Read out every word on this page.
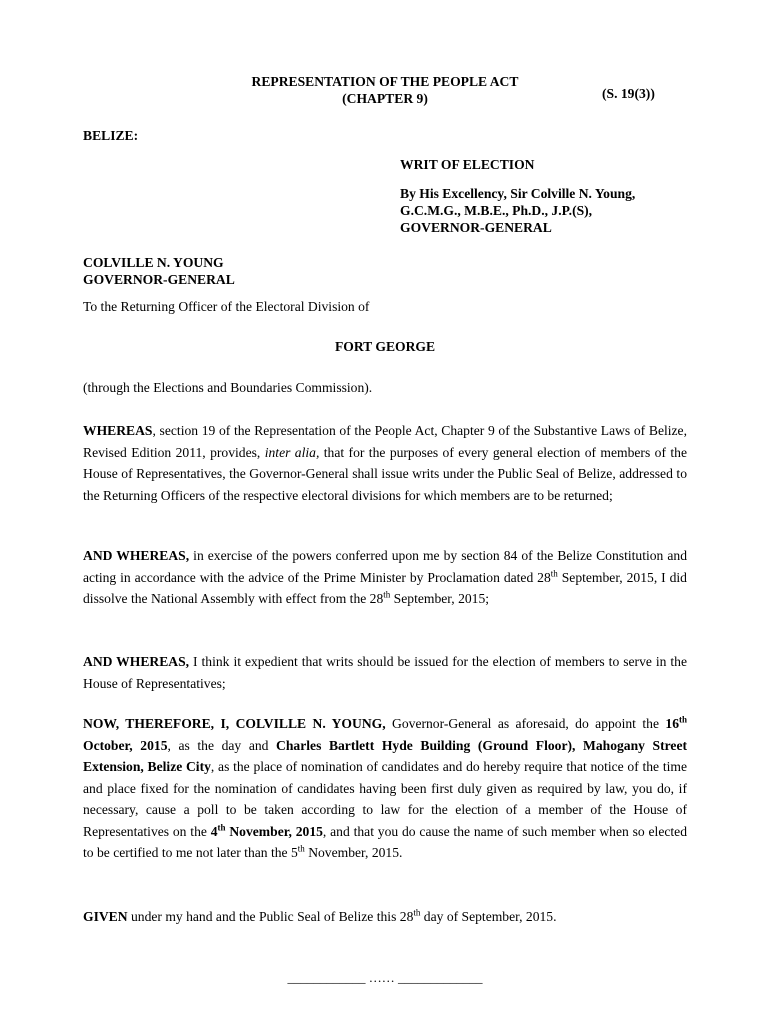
REPRESENTATION OF THE PEOPLE ACT
(CHAPTER 9)	(S. 19(3))
BELIZE:
WRIT OF ELECTION
By His Excellency, Sir Colville N. Young,
G.C.M.G., M.B.E., Ph.D., J.P.(S),
GOVERNOR-GENERAL
COLVILLE N. YOUNG
GOVERNOR-GENERAL
To the Returning Officer of the Electoral Division of
FORT GEORGE
(through the Elections and Boundaries Commission).
WHEREAS, section 19 of the Representation of the People Act, Chapter 9 of the Substantive Laws of Belize, Revised Edition 2011, provides, inter alia, that for the purposes of every general election of members of the House of Representatives, the Governor-General shall issue writs under the Public Seal of Belize, addressed to the Returning Officers of the respective electoral divisions for which members are to be returned;
AND WHEREAS, in exercise of the powers conferred upon me by section 84 of the Belize Constitution and acting in accordance with the advice of the Prime Minister by Proclamation dated 28th September, 2015, I did dissolve the National Assembly with effect from the 28th September, 2015;
AND WHEREAS, I think it expedient that writs should be issued for the election of members to serve in the House of Representatives;
NOW, THEREFORE, I, COLVILLE N. YOUNG, Governor-General as aforesaid, do appoint the 16th October, 2015, as the day and Charles Bartlett Hyde Building (Ground Floor), Mahogany Street Extension, Belize City, as the place of nomination of candidates and do hereby require that notice of the time and place fixed for the nomination of candidates having been first duly given as required by law, you do, if necessary, cause a poll to be taken according to law for the election of a member of the House of Representatives on the 4th November, 2015, and that you do cause the name of such member when so elected to be certified to me not later than the 5th November, 2015.
GIVEN under my hand and the Public Seal of Belize this 28th day of September, 2015.
____________ …… _____________
